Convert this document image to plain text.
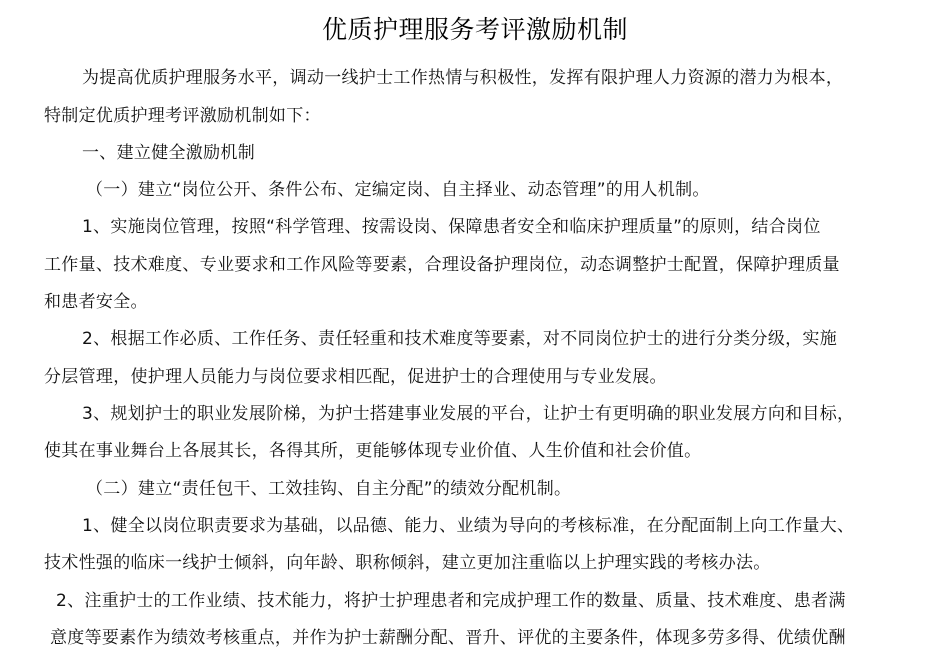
优质护理服务考评激励机制
为提高优质护理服务水平，调动一线护士工作热情与积极性，发挥有限护理人力资源的潜力为根本，
特制定优质护理考评激励机制如下：
一、建立健全激励机制
（一）建立“岗位公开、条件公布、定编定岗、自主择业、动态管理”的用人机制。
1、实施岗位管理，按照“科学管理、按需设岗、保障患者安全和临床护理质量”的原则，结合岗位
工作量、技术难度、专业要求和工作风险等要素，合理设备护理岗位，动态调整护士配置，保障护理质量
和患者安全。
2、根据工作必质、工作任务、责任轻重和技术难度等要素，对不同岗位护士的进行分类分级，实施
分层管理，使护理人员能力与岗位要求相匹配，促进护士的合理使用与专业发展。
3、规划护士的职业发展阶梯，为护士搭建事业发展的平台，让护士有更明确的职业发展方向和目标，
使其在事业舞台上各展其长，各得其所，更能够体现专业价值、人生价值和社会价值。
（二）建立“责任包干、工效挂钩、自主分配”的绩效分配机制。
1、健全以岗位职责要求为基础，以品德、能力、业绩为导向的考核标准，在分配面制上向工作量大、
技术性强的临床一线护士倾斜，向年龄、职称倾斜，建立更加注重临以上护理实践的考核办法。
2、注重护士的工作业绩、技术能力，将护士护理患者和完成护理工作的数量、质量、技术难度、患者满
意度等要素作为绩效考核重点，并作为护士薪酬分配、晋升、评优的主要条件，体现多劳多得、优绩优酬
